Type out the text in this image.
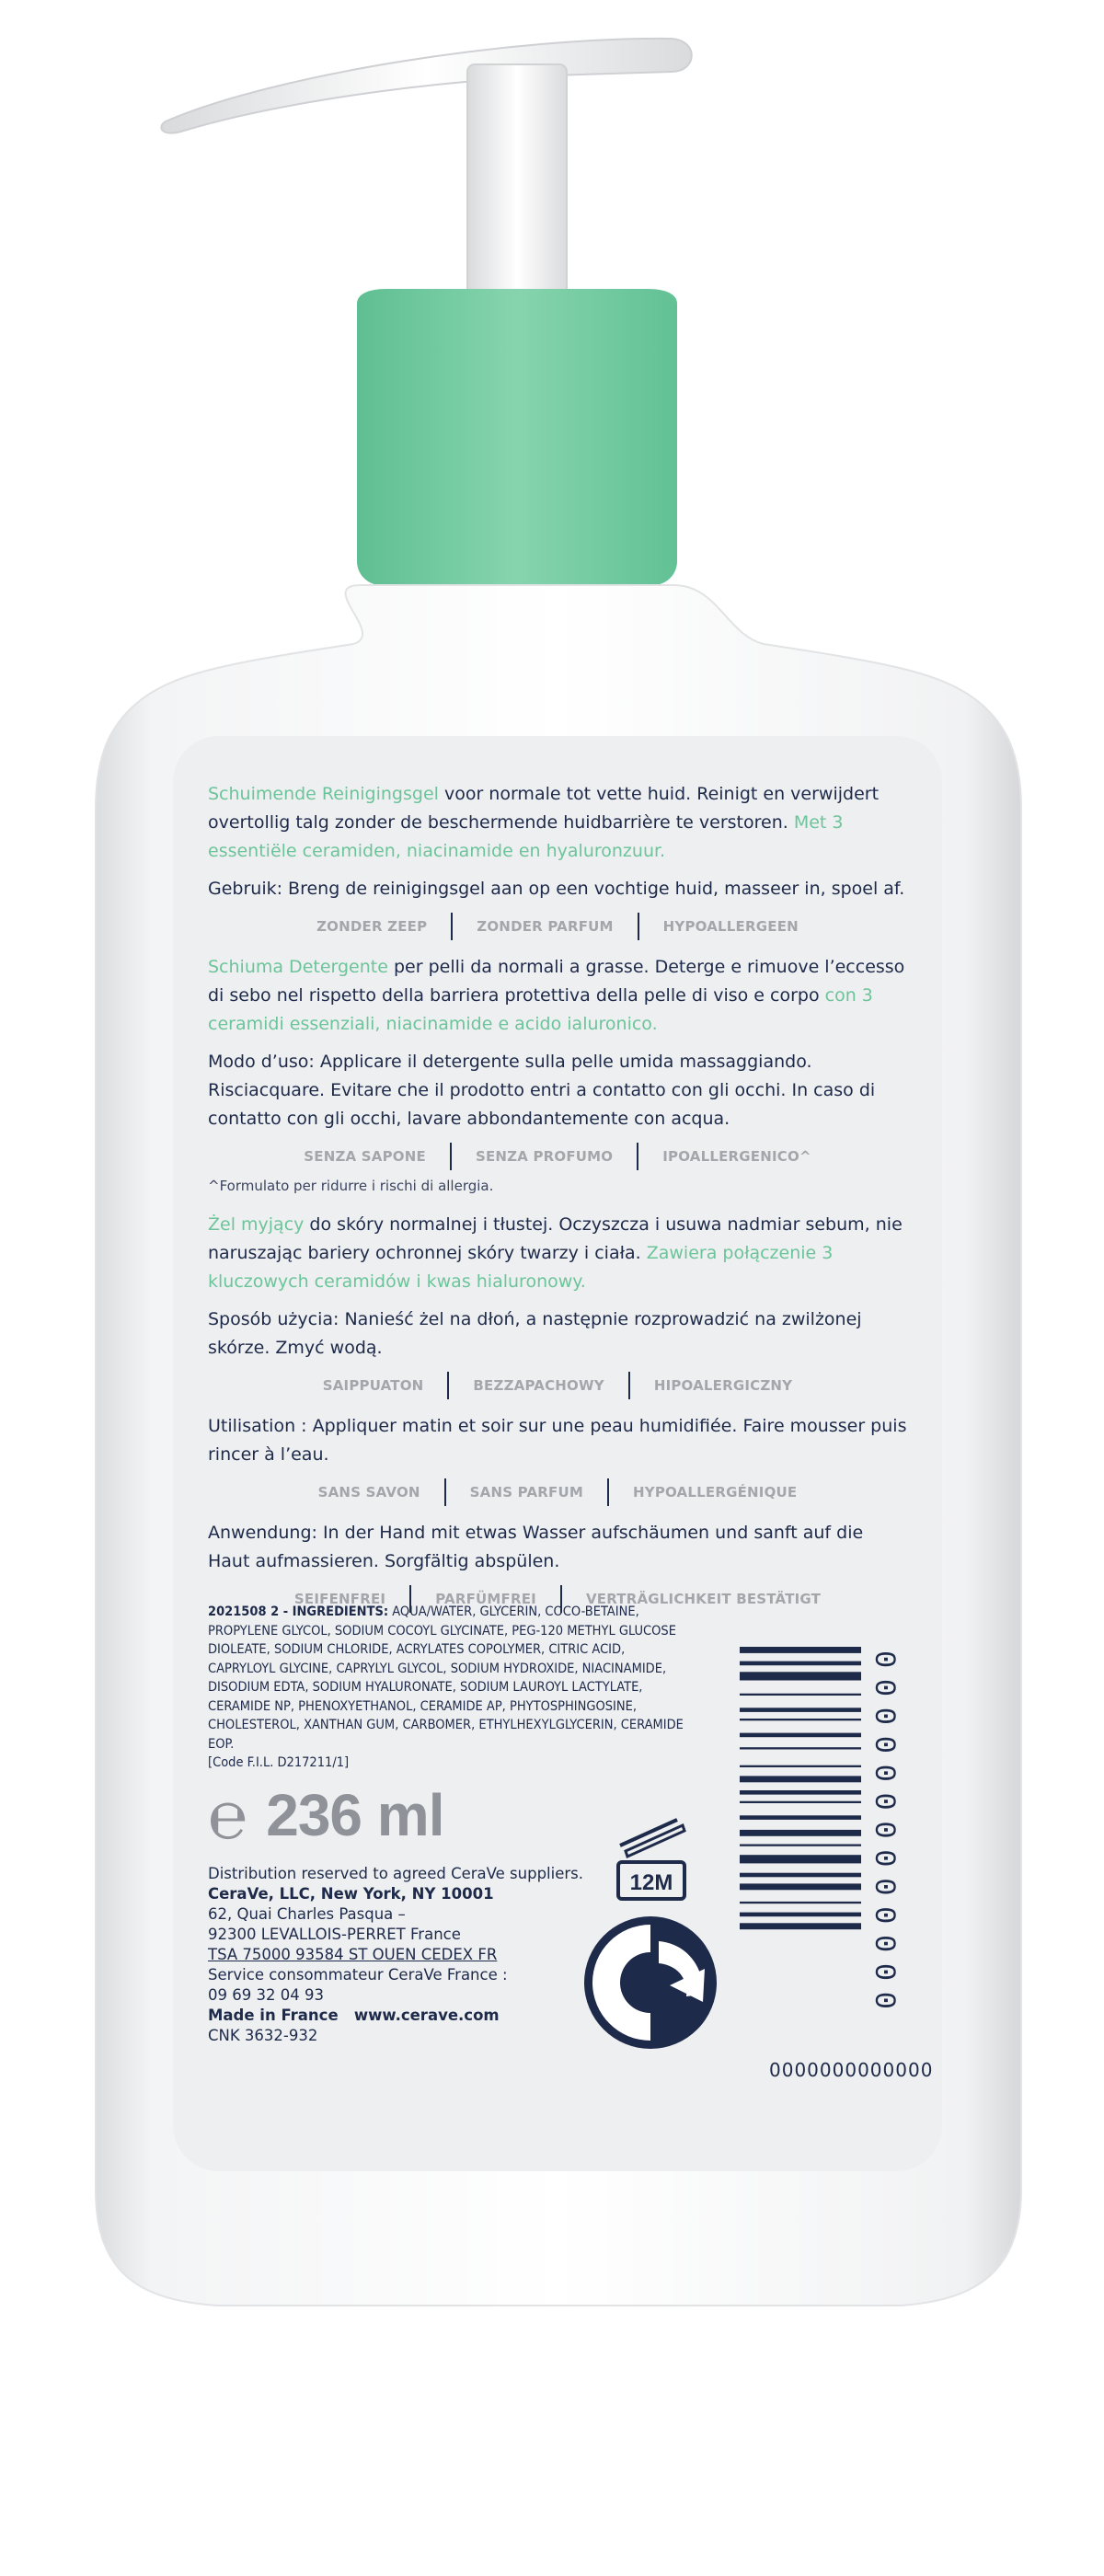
Schuimende Reinigingsgel voor normale tot vette huid. Reinigt en verwijdert overtollig talg zonder de beschermende huidbarrière te verstoren. Met 3 essentiële ceramiden, niacinamide en hyaluronzuur.

Gebruik: Breng de reinigingsgel aan op een vochtige huid, masseer in, spoel af.

ZONDER ZEEP	ZONDER PARFUM	HYPOALLERGEEN

Schiuma Detergente per pelli da normali a grasse. Deterge e rimuove l’eccesso di sebo nel rispetto della barriera protettiva della pelle di viso e corpo con 3 ceramidi essenziali, niacinamide e acido ialuronico.

Modo d’uso: Applicare il detergente sulla pelle umida massaggiando. Risciacquare. Evitare che il prodotto entri a contatto con gli occhi. In caso di contatto con gli occhi, lavare abbondantemente con acqua.

SENZA SAPONE	SENZA PROFUMO	IPOALLERGENICO^
^Formulato per ridurre i rischi di allergia.

Żel myjący do skóry normalnej i tłustej. Oczyszcza i usuwa nadmiar sebum, nie naruszając bariery ochronnej skóry twarzy i ciała. Zawiera połączenie 3 kluczowych ceramidów i kwas hialuronowy.

Sposób użycia: Nanieść żel na dłoń, a następnie rozprowadzić na zwilżonej skórze. Zmyć wodą.

SAIPPUATON	BEZZAPACHOWY	HIPOALERGICZNY

Utilisation : Appliquer matin et soir sur une peau humidifiée. Faire mousser puis rincer à l’eau.

SANS SAVON	SANS PARFUM	HYPOALLERGÉNIQUE

Anwendung: In der Hand mit etwas Wasser aufschäumen und sanft auf die Haut aufmassieren. Sorgfältig abspülen.

SEIFENFREI	PARFÜMFREI	VERTRÄGLICHKEIT BESTÄTIGT
2021508 2 - INGREDIENTS: AQUA/WATER, GLYCERIN, COCO-BETAINE, PROPYLENE GLYCOL, SODIUM COCOYL GLYCINATE, PEG-120 METHYL GLUCOSE DIOLEATE, SODIUM CHLORIDE, ACRYLATES COPOLYMER, CITRIC ACID, CAPRYLOYL GLYCINE, CAPRYLYL GLYCOL, SODIUM HYDROXIDE, NIACINAMIDE, DISODIUM EDTA, SODIUM HYALURONATE, SODIUM LAUROYL LACTYLATE, CERAMIDE NP, PHENOXYETHANOL, CERAMIDE AP, PHYTOSPHINGOSINE, CHOLESTEROL, XANTHAN GUM, CARBOMER, ETHYLHEXYLGLYCERIN, CERAMIDE EOP.
[Code F.I.L. D217211/1]
℮ 236 ml
Distribution reserved to agreed CeraVe suppliers.
CeraVe, LLC, New York, NY 10001
62, Quai Charles Pasqua –
92300 LEVALLOIS-PERRET France
TSA 75000 93584 ST OUEN CEDEX FR
Service consommateur CeraVe France :
09 69 32 04 93
Made in France www.cerave.com
CNK 3632-932
12M
0000000000000
0000000000000
